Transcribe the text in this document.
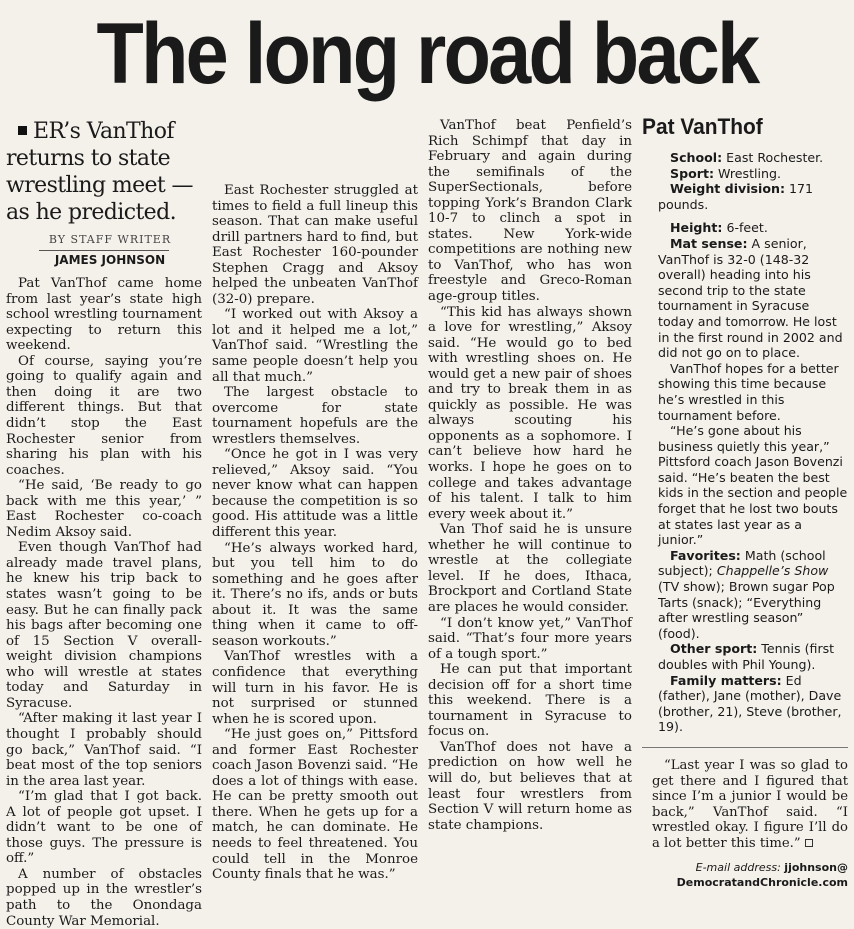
The long road back

ER’s VanThof returns to state wrestling meet — as he predicted.

BY STAFF WRITER

JAMES JOHNSON

Pat VanThof came home from last year’s state high school wrestling tournament expecting to return this weekend.

Of course, saying you’re going to qualify again and then doing it are two different things. But that didn’t stop the East Rochester senior from sharing his plan with his coaches.

“He said, ‘Be ready to go back with me this year,’ ” East Rochester co-coach Nedim Aksoy said.

Even though VanThof had already made travel plans, he knew his trip back to states wasn’t going to be easy. But he can finally pack his bags after becoming one of 15 Section V overall-weight division champions who will wrestle at states today and Saturday in Syracuse.

“After making it last year I thought I probably should go back,” VanThof said. “I beat most of the top seniors in the area last year.

“I’m glad that I got back. A lot of people got upset. I didn’t want to be one of those guys. The pressure is off.”

A number of obstacles popped up in the wrestler’s path to the Onondaga County War Memorial.

East Rochester struggled at times to field a full lineup this season. That can make useful drill partners hard to find, but East Rochester 160-pounder Stephen Cragg and Aksoy helped the unbeaten VanThof (32-0) prepare.

“I worked out with Aksoy a lot and it helped me a lot,” VanThof said. “Wrestling the same people doesn’t help you all that much.”

The largest obstacle to overcome for state tournament hopefuls are the wrestlers themselves.

“Once he got in I was very relieved,” Aksoy said. “You never know what can happen because the competition is so good. His attitude was a little different this year.

“He’s always worked hard, but you tell him to do something and he goes after it. There’s no ifs, ands or buts about it. It was the same thing when it came to off-season workouts.”

VanThof wrestles with a confidence that everything will turn in his favor. He is not surprised or stunned when he is scored upon.

“He just goes on,” Pittsford and former East Rochester coach Jason Bovenzi said. “He does a lot of things with ease. He can be pretty smooth out there. When he gets up for a match, he can dominate. He needs to feel threatened. You could tell in the Monroe County finals that he was.”

VanThof beat Penfield’s Rich Schimpf that day in February and again during the semifinals of the SuperSectionals, before topping York’s Brandon Clark 10-7 to clinch a spot in states. New York-wide competitions are nothing new to VanThof, who has won freestyle and Greco-Roman age-group titles.

“This kid has always shown a love for wrestling,” Aksoy said. “He would go to bed with wrestling shoes on. He would get a new pair of shoes and try to break them in as quickly as possible. He was always scouting his opponents as a sophomore. I can’t believe how hard he works. I hope he goes on to college and takes advantage of his talent. I talk to him every week about it.”

Van Thof said he is unsure whether he will continue to wrestle at the collegiate level. If he does, Ithaca, Brockport and Cortland State are places he would consider.

“I don’t know yet,” VanThof said. “That’s four more years of a tough sport.”

He can put that important decision off for a short time this weekend. There is a tournament in Syracuse to focus on.

VanThof does not have a prediction on how well he will do, but believes that at least four wrestlers from Section V will return home as state champions.

Pat VanThof

School: East Rochester.

Sport: Wrestling.

Weight division: 171 pounds.

Height: 6-feet.

Mat sense: A senior, VanThof is 32-0 (148-32 overall) heading into his second trip to the state tournament in Syracuse today and tomorrow. He lost in the first round in 2002 and did not go on to place.

VanThof hopes for a better showing this time because he’s wrestled in this tournament before.

“He’s gone about his business quietly this year,” Pittsford coach Jason Bovenzi said. “He’s beaten the best kids in the section and people forget that he lost two bouts at states last year as a junior.”

Favorites: Math (school subject); Chappelle’s Show (TV show); Brown sugar Pop Tarts (snack); “Everything after wrestling season” (food).

Other sport: Tennis (first doubles with Phil Young).

Family matters: Ed (father), Jane (mother), Dave (brother, 21), Steve (brother, 19).

“Last year I was so glad to get there and I figured that since I’m a junior I would be back,” VanThof said. “I wrestled okay. I figure I’ll do a lot better this time.”

E-mail address: jjohnson@ DemocratandChronicle.com
